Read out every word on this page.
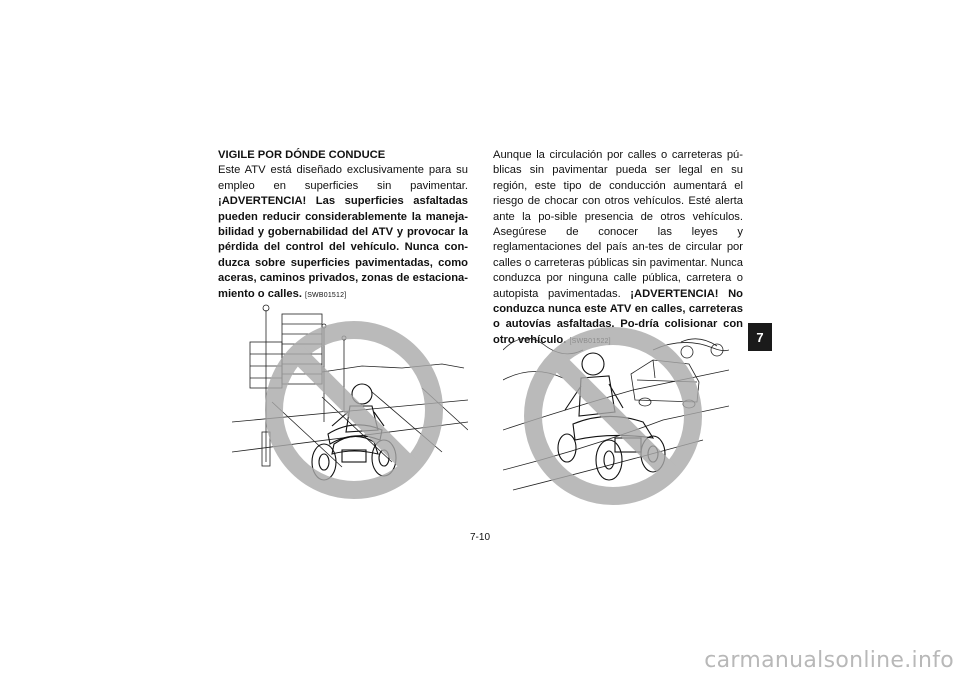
VIGILE POR DÓNDE CONDUCE
Este ATV está diseñado exclusivamente para su empleo en superficies sin pavimentar. ¡ADVERTENCIA! Las superficies asfaltadas pueden reducir considerablemente la maneja-bilidad y gobernabilidad del ATV y provocar la pérdida del control del vehículo. Nunca con-duzca sobre superficies pavimentadas, como aceras, caminos privados, zonas de estaciona-miento o calles. [SWB01512]

Aunque la circulación por calles o carreteras pú-blicas sin pavimentar pueda ser legal en su región, este tipo de conducción aumentará el riesgo de chocar con otros vehículos. Esté alerta ante la po-sible presencia de otros vehículos. Asegúrese de conocer las leyes y reglamentaciones del país an-tes de circular por calles o carreteras públicas sin pavimentar. Nunca conduzca por ninguna calle pública, carretera o autopista pavimentadas. ¡ADVERTENCIA! No conduzca nunca este ATV en calles, carreteras o autovías asfaltadas. Po-dría colisionar con otro vehículo. [SWB01522]

7-10
7
carmanualsonline.info
